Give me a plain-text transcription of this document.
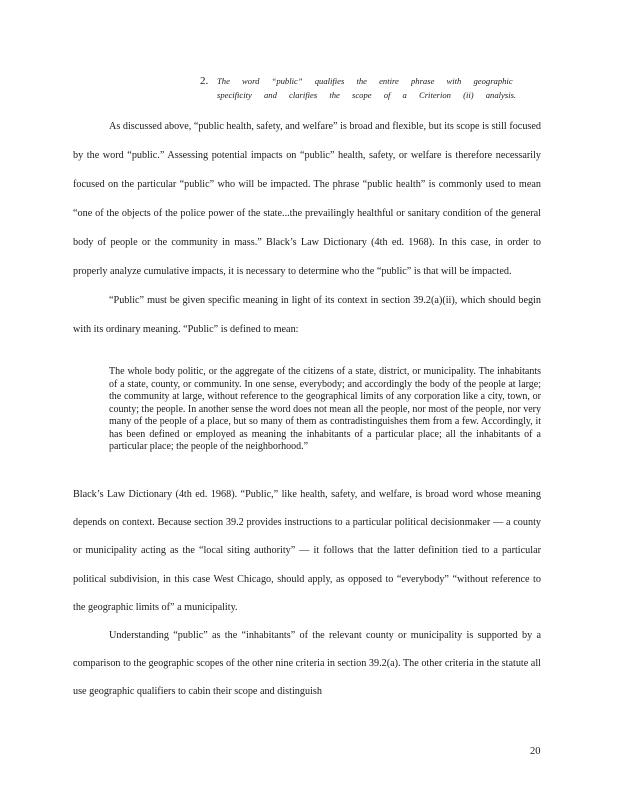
2. The word “public” qualifies the entire phrase with geographic specificity and clarifies the scope of a Criterion (ii) analysis.

As discussed above, “public health, safety, and welfare” is broad and flexible, but its scope is still focused by the word “public.” Assessing potential impacts on “public” health, safety, or welfare is therefore necessarily focused on the particular “public” who will be impacted. The phrase “public health” is commonly used to mean “one of the objects of the police power of the state...the prevailingly healthful or sanitary condition of the general body of people or the community in mass.” Black’s Law Dictionary (4th ed. 1968). In this case, in order to properly analyze cumulative impacts, it is necessary to determine who the “public” is that will be impacted.

“Public” must be given specific meaning in light of its context in section 39.2(a)(ii), which should begin with its ordinary meaning. “Public” is defined to mean:

The whole body politic, or the aggregate of the citizens of a state, district, or municipality. The inhabitants of a state, county, or community. In one sense, everybody; and accordingly the body of the people at large; the community at large, without reference to the geographical limits of any corporation like a city, town, or county; the people. In another sense the word does not mean all the people, nor most of the people, nor very many of the people of a place, but so many of them as contradistinguishes them from a few. Accordingly, it has been defined or employed as meaning the inhabitants of a particular place; all the inhabitants of a particular place; the people of the neighborhood.”

Black’s Law Dictionary (4th ed. 1968). “Public,” like health, safety, and welfare, is broad word whose meaning depends on context. Because section 39.2 provides instructions to a particular political decisionmaker — a county or municipality acting as the “local siting authority” — it follows that the latter definition tied to a particular political subdivision, in this case West Chicago, should apply, as opposed to “everybody” “without reference to the geographic limits of” a municipality.

Understanding “public” as the “inhabitants” of the relevant county or municipality is supported by a comparison to the geographic scopes of the other nine criteria in section 39.2(a). The other criteria in the statute all use geographic qualifiers to cabin their scope and distinguish

20
